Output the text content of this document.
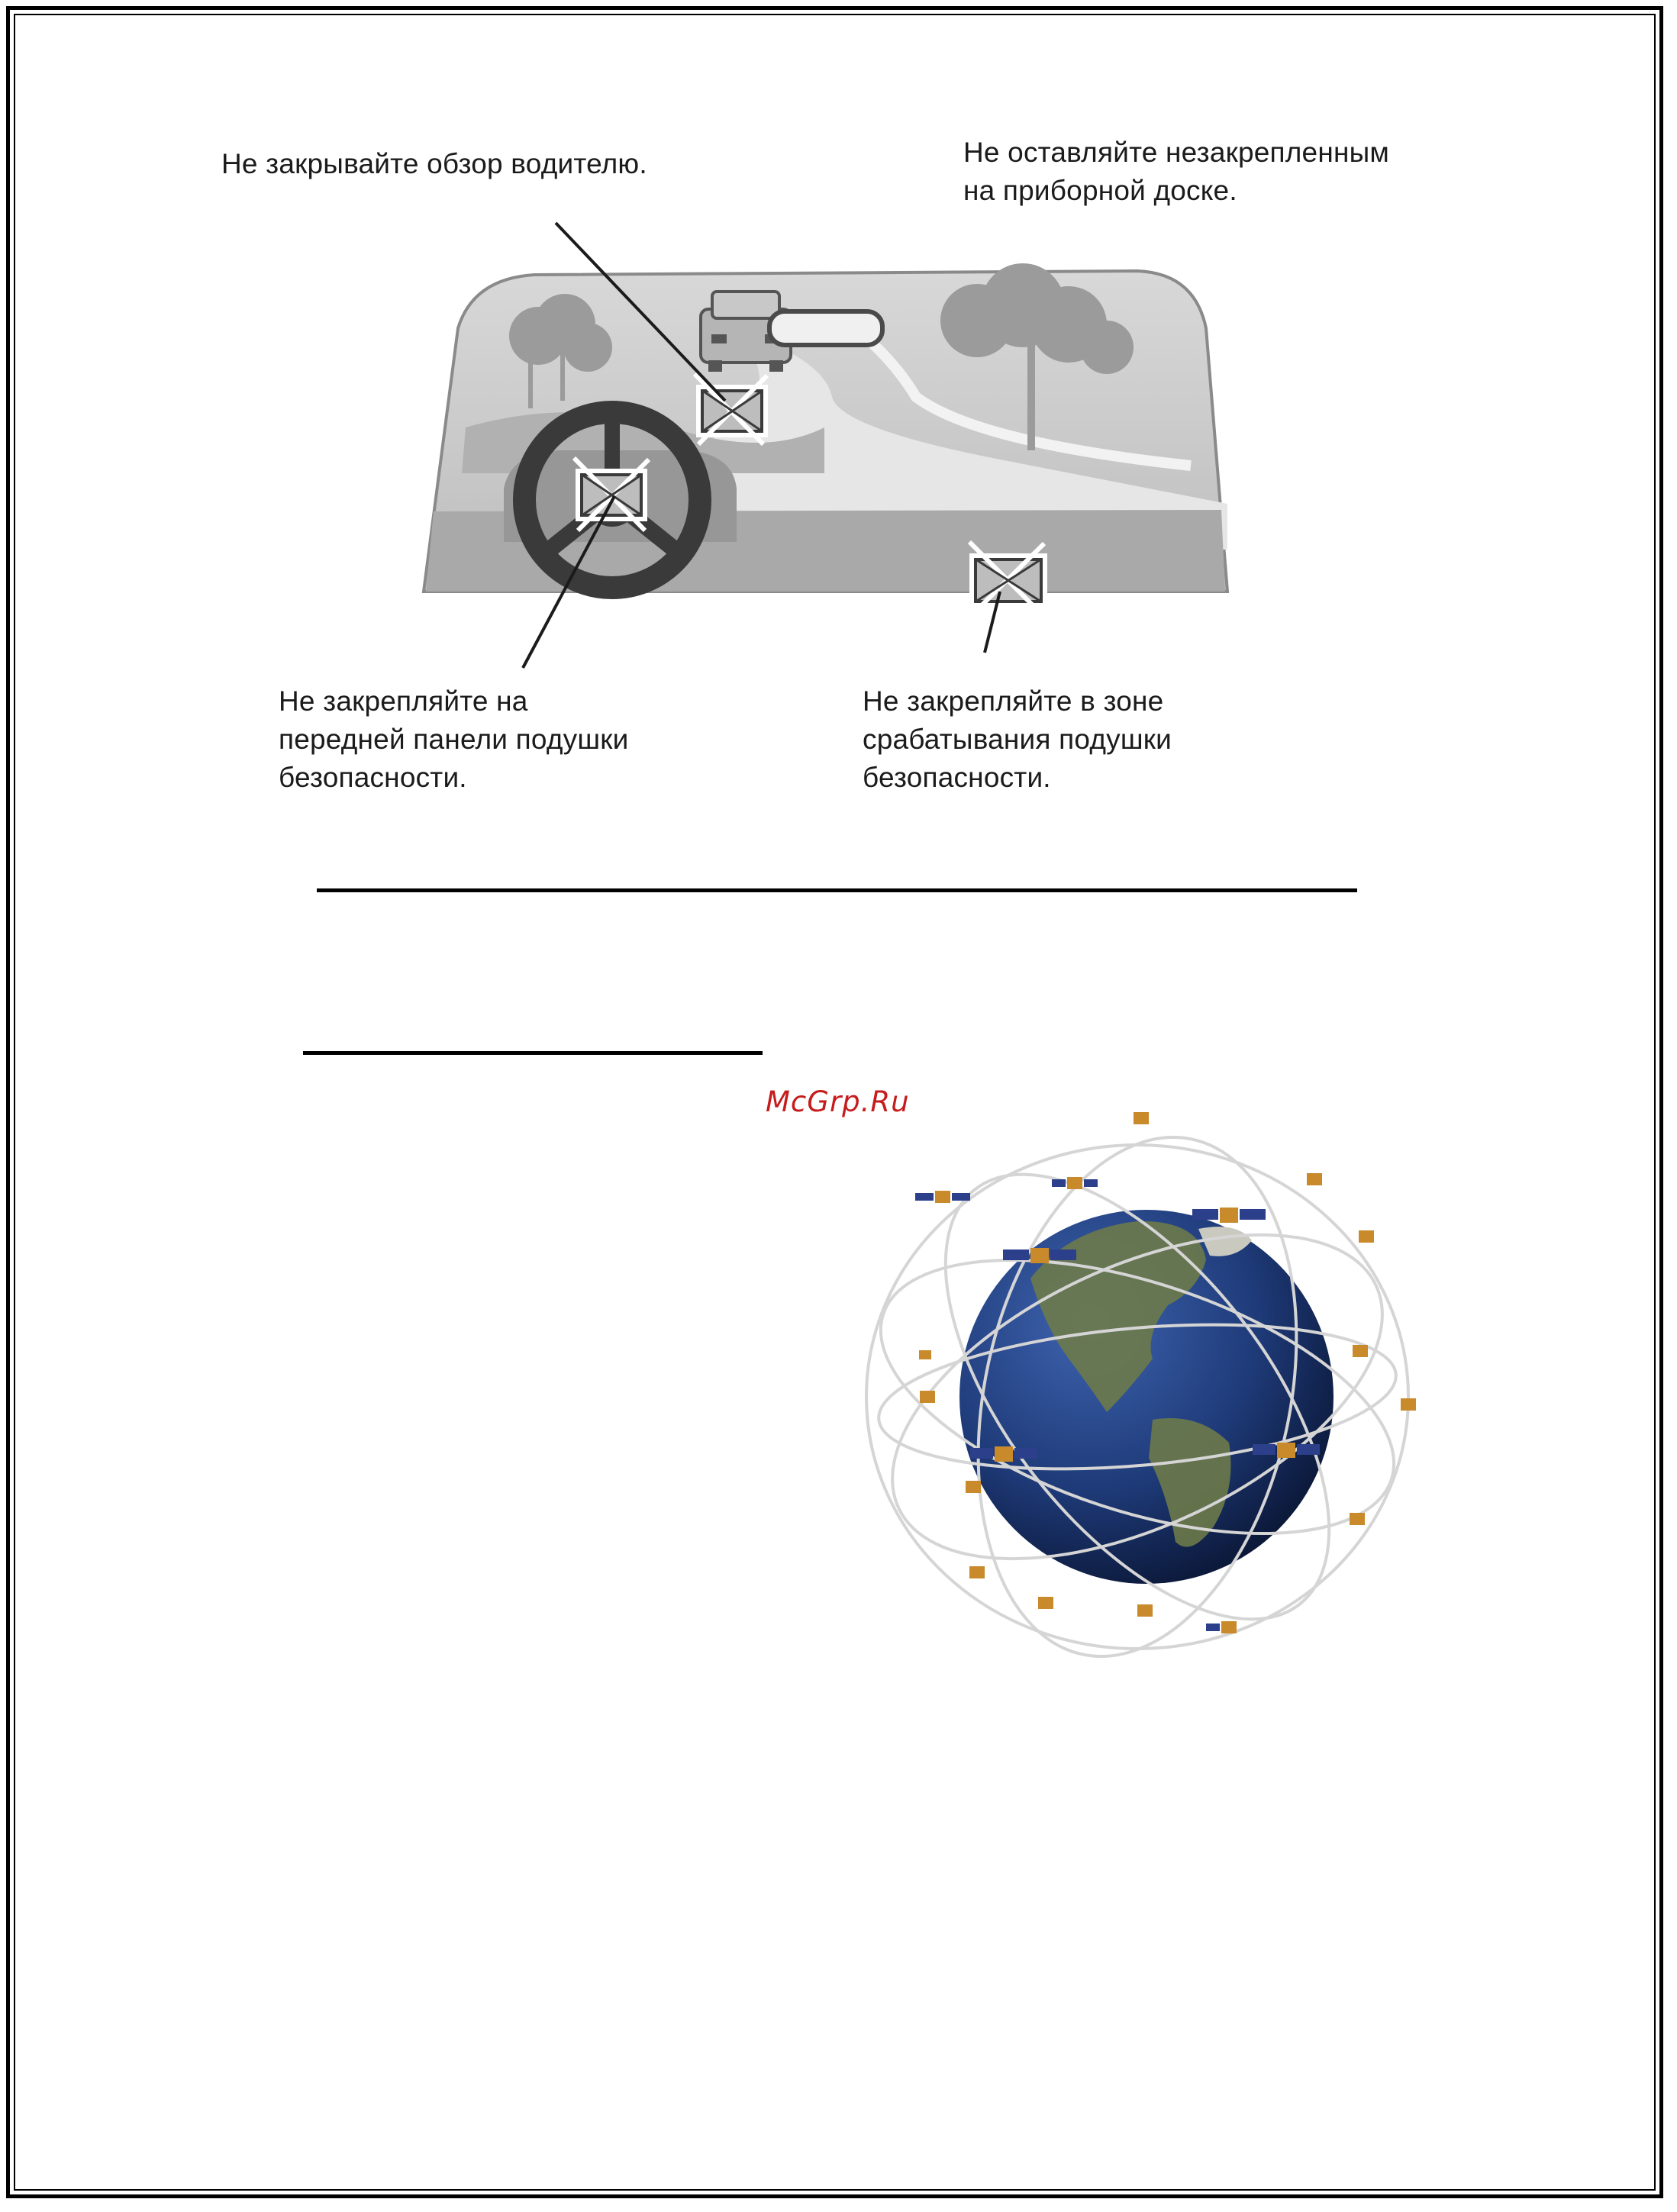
Не закрывайте обзор водителю.	Не оставляйте незакрепленным
на приборной доске.
Не закрепляйте на
передней панели подушки
безопасности.
Не закрепляйте в зоне
срабатывания подушки
безопасности.
McGrp.Ru
